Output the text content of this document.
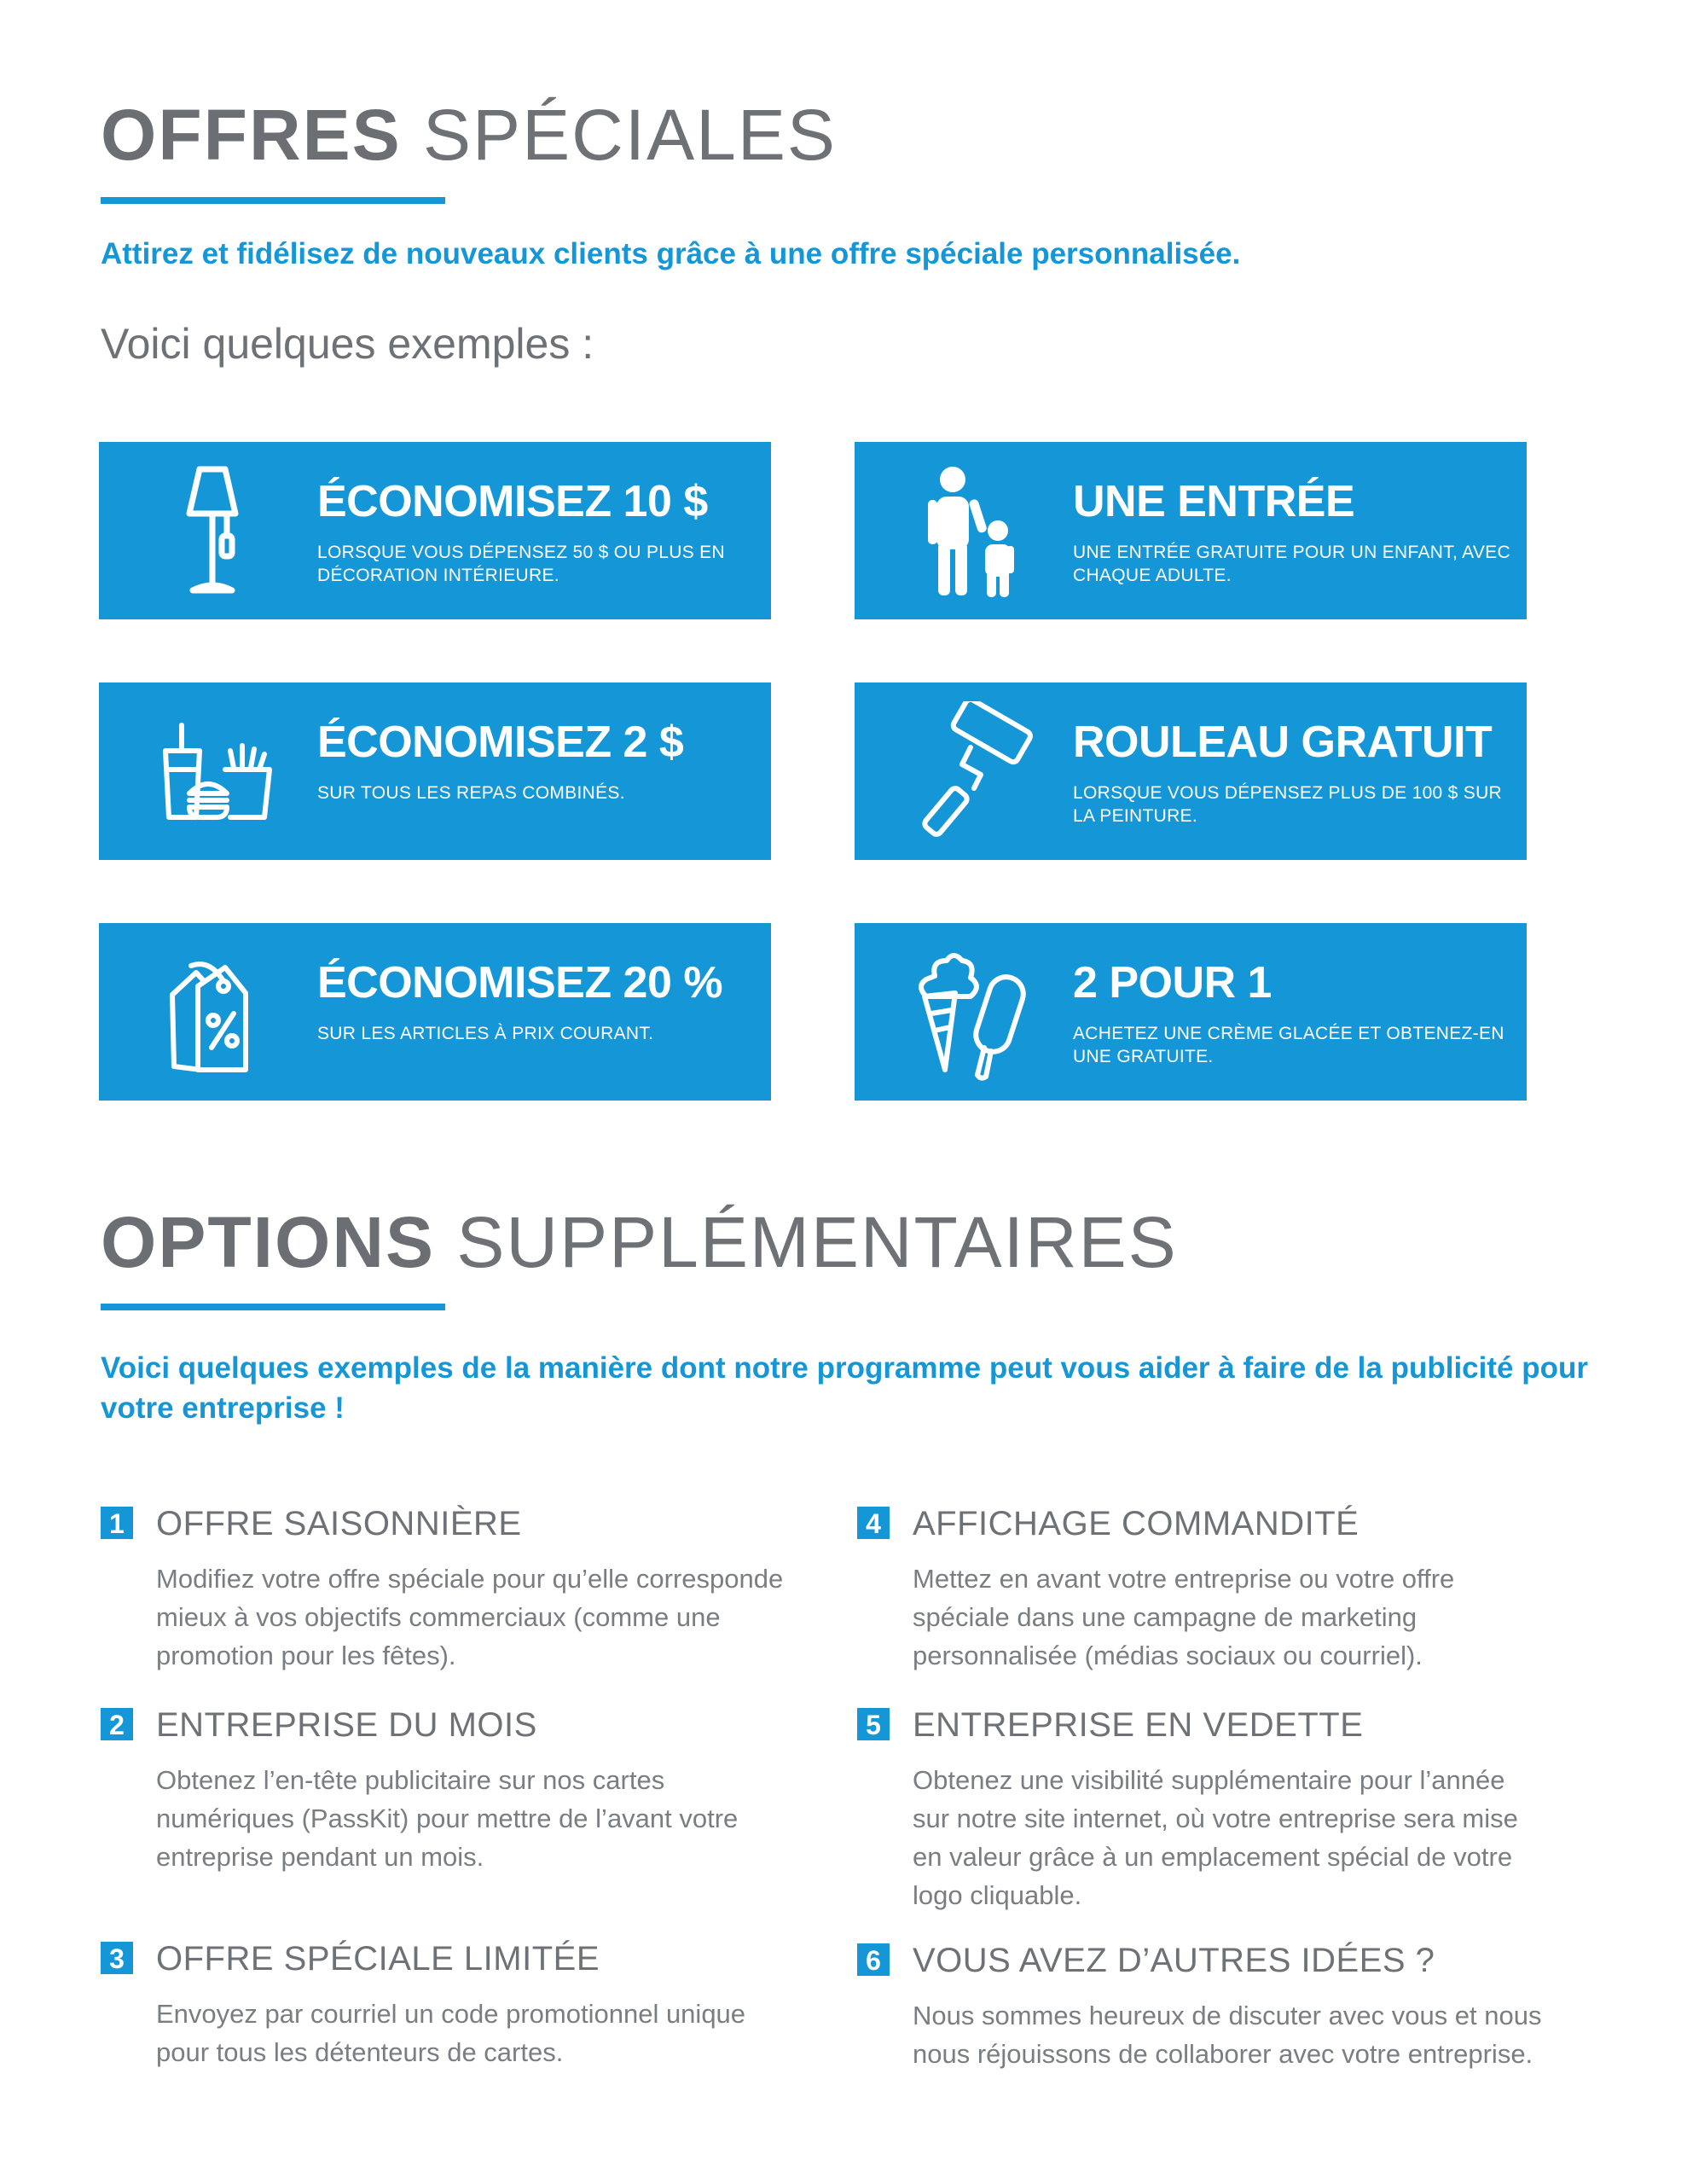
OFFRES SPÉCIALES
Attirez et fidélisez de nouveaux clients grâce à une offre spéciale personnalisée.
Voici quelques exemples :
ÉCONOMISEZ 10 $
LORSQUE VOUS DÉPENSEZ 50 $ OU PLUS EN DÉCORATION INTÉRIEURE.
UNE ENTRÉE
UNE ENTRÉE GRATUITE POUR UN ENFANT, AVEC CHAQUE ADULTE.
ÉCONOMISEZ 2 $
SUR TOUS LES REPAS COMBINÉS.
ROULEAU GRATUIT
LORSQUE VOUS DÉPENSEZ PLUS DE 100 $ SUR LA PEINTURE.
ÉCONOMISEZ 20 %
SUR LES ARTICLES À PRIX COURANT.
2 POUR 1
ACHETEZ UNE CRÈME GLACÉE ET OBTENEZ-EN UNE GRATUITE.
OPTIONS SUPPLÉMENTAIRES
Voici quelques exemples de la manière dont notre programme peut vous aider à faire de la publicité pour votre entreprise !
1 OFFRE SAISONNIÈRE
Modifiez votre offre spéciale pour qu’elle corresponde mieux à vos objectifs commerciaux (comme une promotion pour les fêtes).
2 ENTREPRISE DU MOIS
Obtenez l’en-tête publicitaire sur nos cartes numériques (PassKit) pour mettre de l’avant votre entreprise pendant un mois.
3 OFFRE SPÉCIALE LIMITÉE
Envoyez par courriel un code promotionnel unique pour tous les détenteurs de cartes.
4 AFFICHAGE COMMANDITÉ
Mettez en avant votre entreprise ou votre offre spéciale dans une campagne de marketing personnalisée (médias sociaux ou courriel).
5 ENTREPRISE EN VEDETTE
Obtenez une visibilité supplémentaire pour l’année sur notre site internet, où votre entreprise sera mise en valeur grâce à un emplacement spécial de votre logo cliquable.
6 VOUS AVEZ D’AUTRES IDÉES ?
Nous sommes heureux de discuter avec vous et nous nous réjouissons de collaborer avec votre entreprise.
